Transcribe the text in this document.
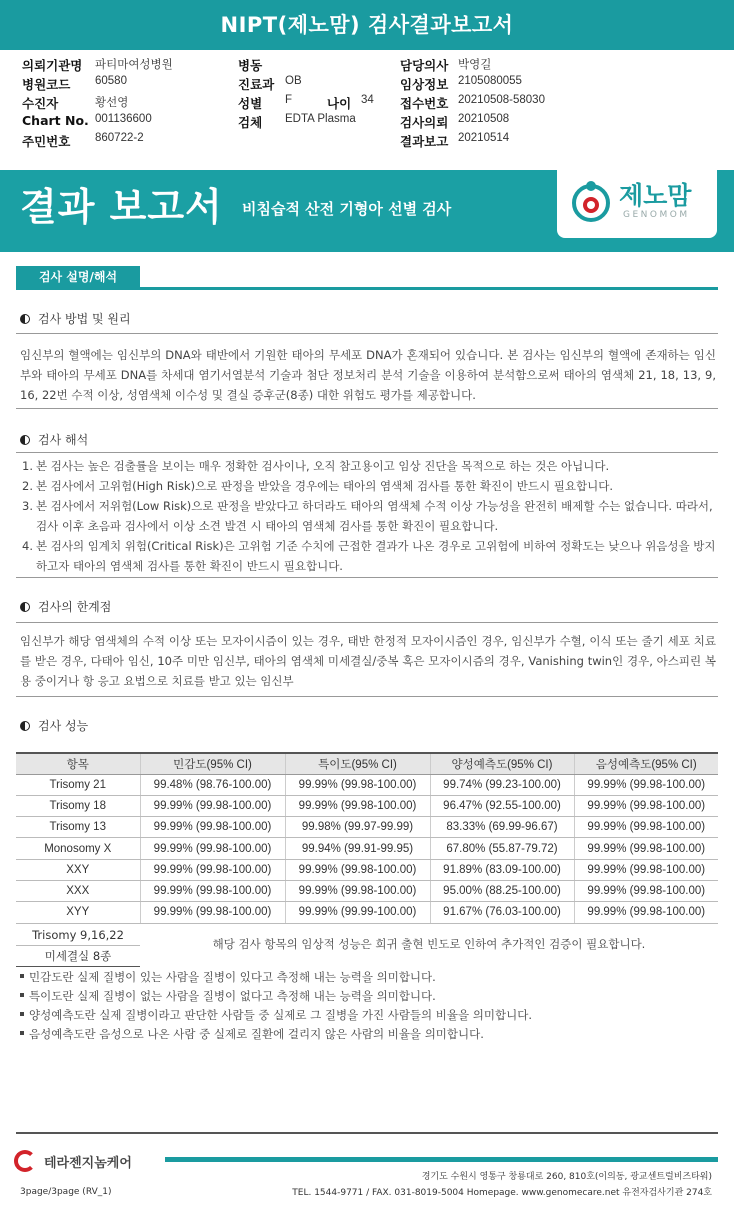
NIPT(제노맘) 검사결과보고서
의뢰기관명 파티마여성병원	병동	담당의사 박영길
병원코드 60580	진료과 OB	임상정보 2105080055
수진자	황선영	성별 F	나이 34 접수번호 20210508-58030
Chart No. 001136600	검체 EDTA Plasma	검사의뢰 20210508
주민번호 860722-2	결과보고 20210514
결과 보고서 비침습적 산전 기형아 선별 검사	제노맘
GENOMOM
검사 설명/해석
검사 방법 및 원리
임신부의 혈액에는 임신부의 DNA와 태반에서 기원한 태아의 무세포 DNA가 혼재되어 있습니다. 본 검사는 임신부의 혈액에 존재하는 임신부와 태아의 무세포 DNA를 차세대 염기서열분석 기술과 첨단 정보처리 분석 기술을 이용하여 분석함으로써 태아의 염색체 21, 18, 13, 9, 16, 22번 수적 이상, 성염색체 이수성 및 결실 증후군(8종) 대한 위험도 평가를 제공합니다.
검사 해석
1. 본 검사는 높은 검출률을 보이는 매우 정확한 검사이나, 오직 참고용이고 임상 진단을 목적으로 하는 것은 아닙니다.
2. 본 검사에서 고위험(High Risk)으로 판정을 받았을 경우에는 태아의 염색체 검사를 통한 확진이 반드시 필요합니다.
3. 본 검사에서 저위험(Low Risk)으로 판정을 받았다고 하더라도 태아의 염색체 수적 이상 가능성을 완전히 배제할 수는 없습니다. 따라서, 검사 이후 초음파 검사에서 이상 소견 발견 시 태아의 염색체 검사를 통한 확진이 필요합니다.
4. 본 검사의 임계치 위험(Critical Risk)은 고위험 기준 수치에 근접한 결과가 나온 경우로 고위험에 비하여 정확도는 낮으나 위음성을 방지하고자 태아의 염색체 검사를 통한 확진이 반드시 필요합니다.
검사의 한계점
임신부가 해당 염색체의 수적 이상 또는 모자이시즘이 있는 경우, 태반 한정적 모자이시즘인 경우, 임신부가 수혈, 이식 또는 줄기 세포 치료를 받은 경우, 다태아 임신, 10주 미만 임신부, 태아의 염색체 미세결실/중복 혹은 모자이시즘의 경우, Vanishing twin인 경우, 아스피린 복용 중이거나 항 응고 요법으로 치료를 받고 있는 임신부
검사 성능
항목	민감도(95% CI)	특이도(95% CI)	양성예측도(95% CI)	음성예측도(95% CI)
Trisomy 21	99.48% (98.76-100.00)	99.99% (99.98-100.00)	99.74% (99.23-100.00)	99.99% (99.98-100.00)
Trisomy 18	99.99% (99.98-100.00)	99.99% (99.98-100.00)	96.47% (92.55-100.00)	99.99% (99.98-100.00)
Trisomy 13	99.99% (99.98-100.00)	99.98% (99.97-99.99)	83.33% (69.99-96.67)	99.99% (99.98-100.00)
Monosomy X	99.99% (99.98-100.00)	99.94% (99.91-99.95)	67.80% (55.87-79.72)	99.99% (99.98-100.00)
XXY	99.99% (99.98-100.00)	99.99% (99.98-100.00)	91.89% (83.09-100.00)	99.99% (99.98-100.00)
XXX	99.99% (99.98-100.00)	99.99% (99.98-100.00)	95.00% (88.25-100.00)	99.99% (99.98-100.00)
XYY	99.99% (99.98-100.00)	99.99% (99.99-100.00)	91.67% (76.03-100.00)	99.99% (99.98-100.00)
Trisomy 9,16,22
미세결실 8종
해당 검사 항목의 임상적 성능은 희귀 출현 빈도로 인하여 추가적인 검증이 필요합니다.
민감도란 실제 질병이 있는 사람을 질병이 있다고 측정해 내는 능력을 의미합니다.
특이도란 실제 질병이 없는 사람을 질병이 없다고 측정해 내는 능력을 의미합니다.
양성예측도란 실제 질병이라고 판단한 사람들 중 실제로 그 질병을 가진 사람들의 비율을 의미합니다.
음성예측도란 음성으로 나온 사람 중 실제로 질환에 걸리지 않은 사람의 비율을 의미합니다.
테라젠지놈케어
경기도 수원시 영통구 창룡대로 260, 810호(이의동, 광교센트럴비즈타워)
TEL. 1544-9771 / FAX. 031-8019-5004 Homepage. www.genomecare.net 유전자검사기관 274호
3page/3page (RV_1)
